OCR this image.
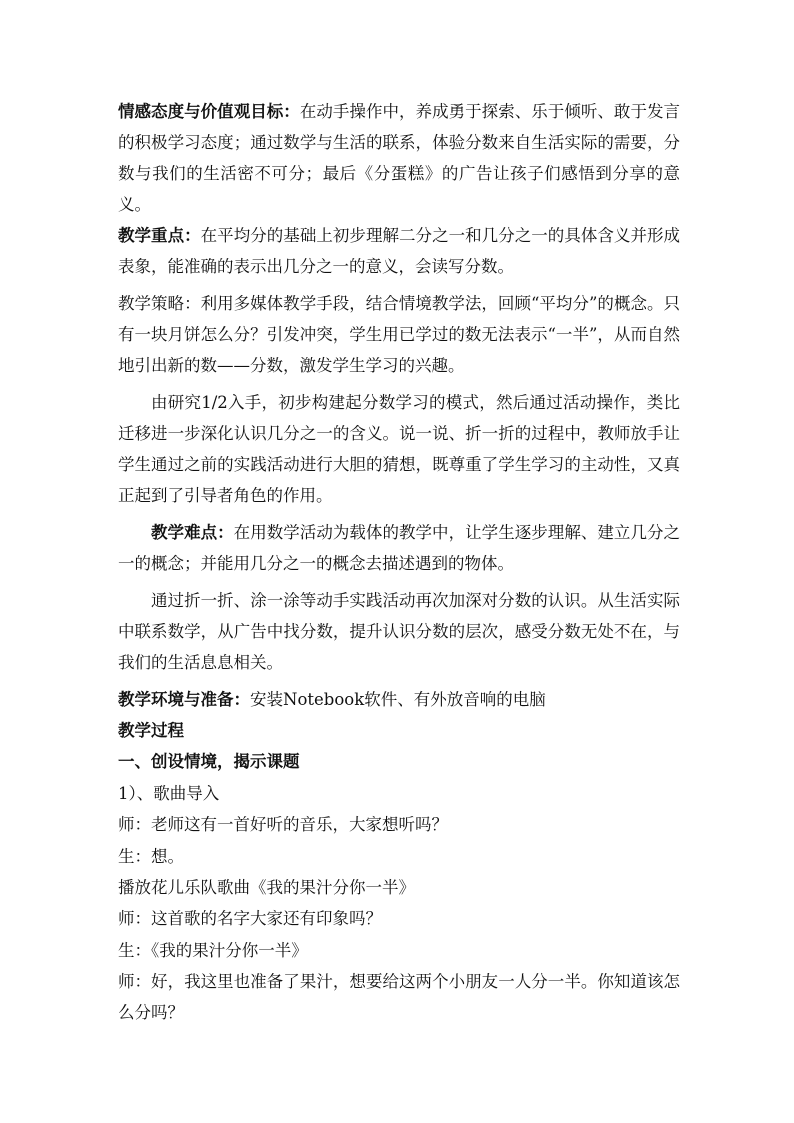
情感态度与价值观目标：在动手操作中，养成勇于探索、乐于倾听、敢于发言的积极学习态度；通过数学与生活的联系，体验分数来自生活实际的需要，分数与我们的生活密不可分；最后《分蛋糕》的广告让孩子们感悟到分享的意义。

教学重点：在平均分的基础上初步理解二分之一和几分之一的具体含义并形成表象，能准确的表示出几分之一的意义，会读写分数。

教学策略：利用多媒体教学手段，结合情境教学法，回顾“平均分”的概念。只有一块月饼怎么分？引发冲突，学生用已学过的数无法表示“一半”，从而自然地引出新的数——分数，激发学生学习的兴趣。

由研究1/2入手，初步构建起分数学习的模式，然后通过活动操作，类比迁移进一步深化认识几分之一的含义。说一说、折一折的过程中，教师放手让学生通过之前的实践活动进行大胆的猜想，既尊重了学生学习的主动性，又真正起到了引导者角色的作用。

教学难点：在用数学活动为载体的教学中，让学生逐步理解、建立几分之一的概念；并能用几分之一的概念去描述遇到的物体。

通过折一折、涂一涂等动手实践活动再次加深对分数的认识。从生活实际中联系数学，从广告中找分数，提升认识分数的层次，感受分数无处不在，与我们的生活息息相关。

教学环境与准备：安装Notebook软件、有外放音响的电脑

教学过程

一、创设情境，揭示课题

1）、歌曲导入

师：老师这有一首好听的音乐，大家想听吗？

生：想。

播放花儿乐队歌曲《我的果汁分你一半》

师：这首歌的名字大家还有印象吗？

生：《我的果汁分你一半》

师：好，我这里也准备了果汁，想要给这两个小朋友一人分一半。你知道该怎么分吗？
